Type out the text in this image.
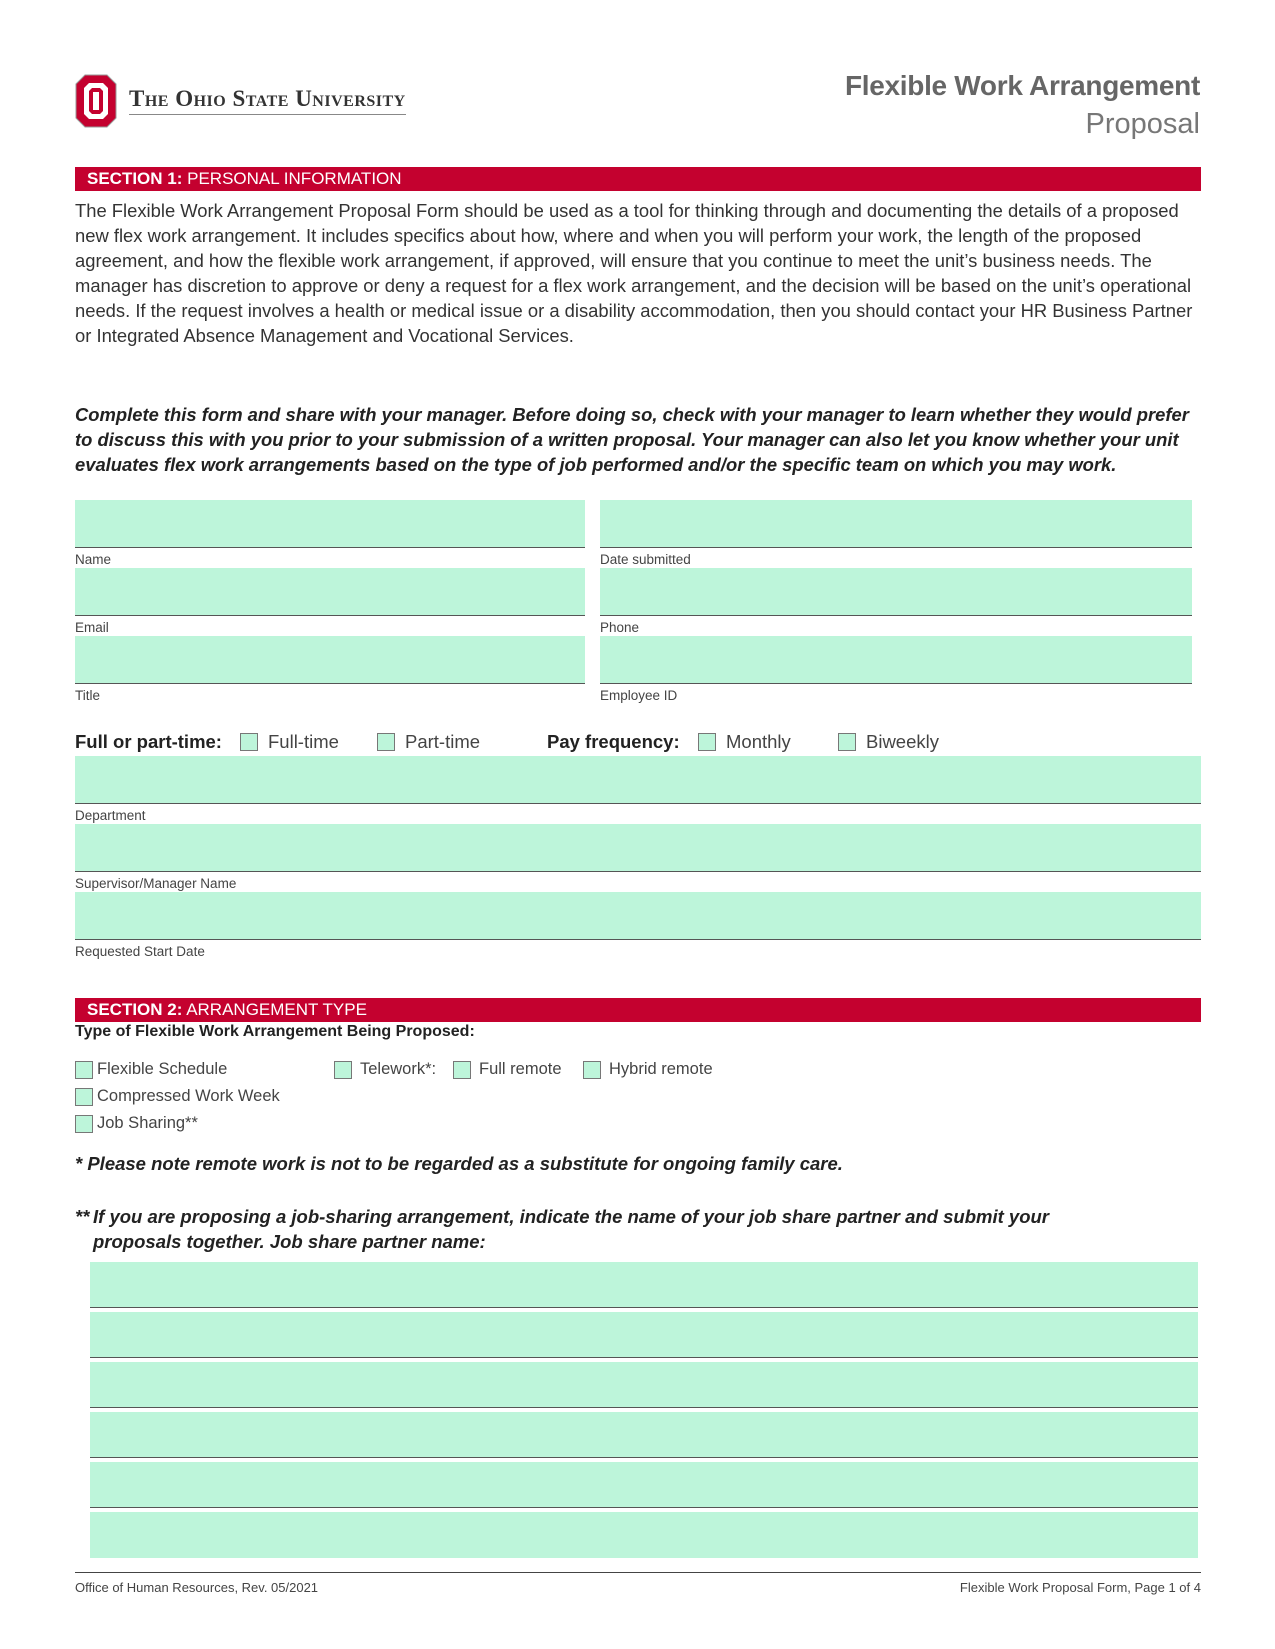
The Ohio State University	Flexible Work Arrangement
Proposal
SECTION 1: PERSONAL INFORMATION
The Flexible Work Arrangement Proposal Form should be used as a tool for thinking through and documenting the details of a proposed new flex work arrangement. It includes specifics about how, where and when you will perform your work, the length of the proposed agreement, and how the flexible work arrangement, if approved, will ensure that you continue to meet the unit’s business needs. The manager has discretion to approve or deny a request for a flex work arrangement, and the decision will be based on the unit’s operational needs. If the request involves a health or medical issue or a disability accommodation, then you should contact your HR Business Partner or Integrated Absence Management and Vocational Services.
Complete this form and share with your manager. Before doing so, check with your manager to learn whether they would prefer to discuss this with you prior to your submission of a written proposal. Your manager can also let you know whether your unit evaluates flex work arrangements based on the type of job performed and/or the specific team on which you may work.
Name	Date submitted
Email	Phone
Title	Employee ID
Full or part-time: Full-time	Part-time	Pay frequency:	Monthly	Biweekly
Department
Supervisor/Manager Name
Requested Start Date
SECTION 2: ARRANGEMENT TYPE
Type of Flexible Work Arrangement Being Proposed:
Flexible Schedule	Telework*:	Full remote	Hybrid remote
Compressed Work Week
Job Sharing**
* Please note remote work is not to be regarded as a substitute for ongoing family care.
** If you are proposing a job-sharing arrangement, indicate the name of your job share partner and submit your
proposals together. Job share partner name:
Office of Human Resources, Rev. 05/2021	Flexible Work Proposal Form, Page 1 of 4
